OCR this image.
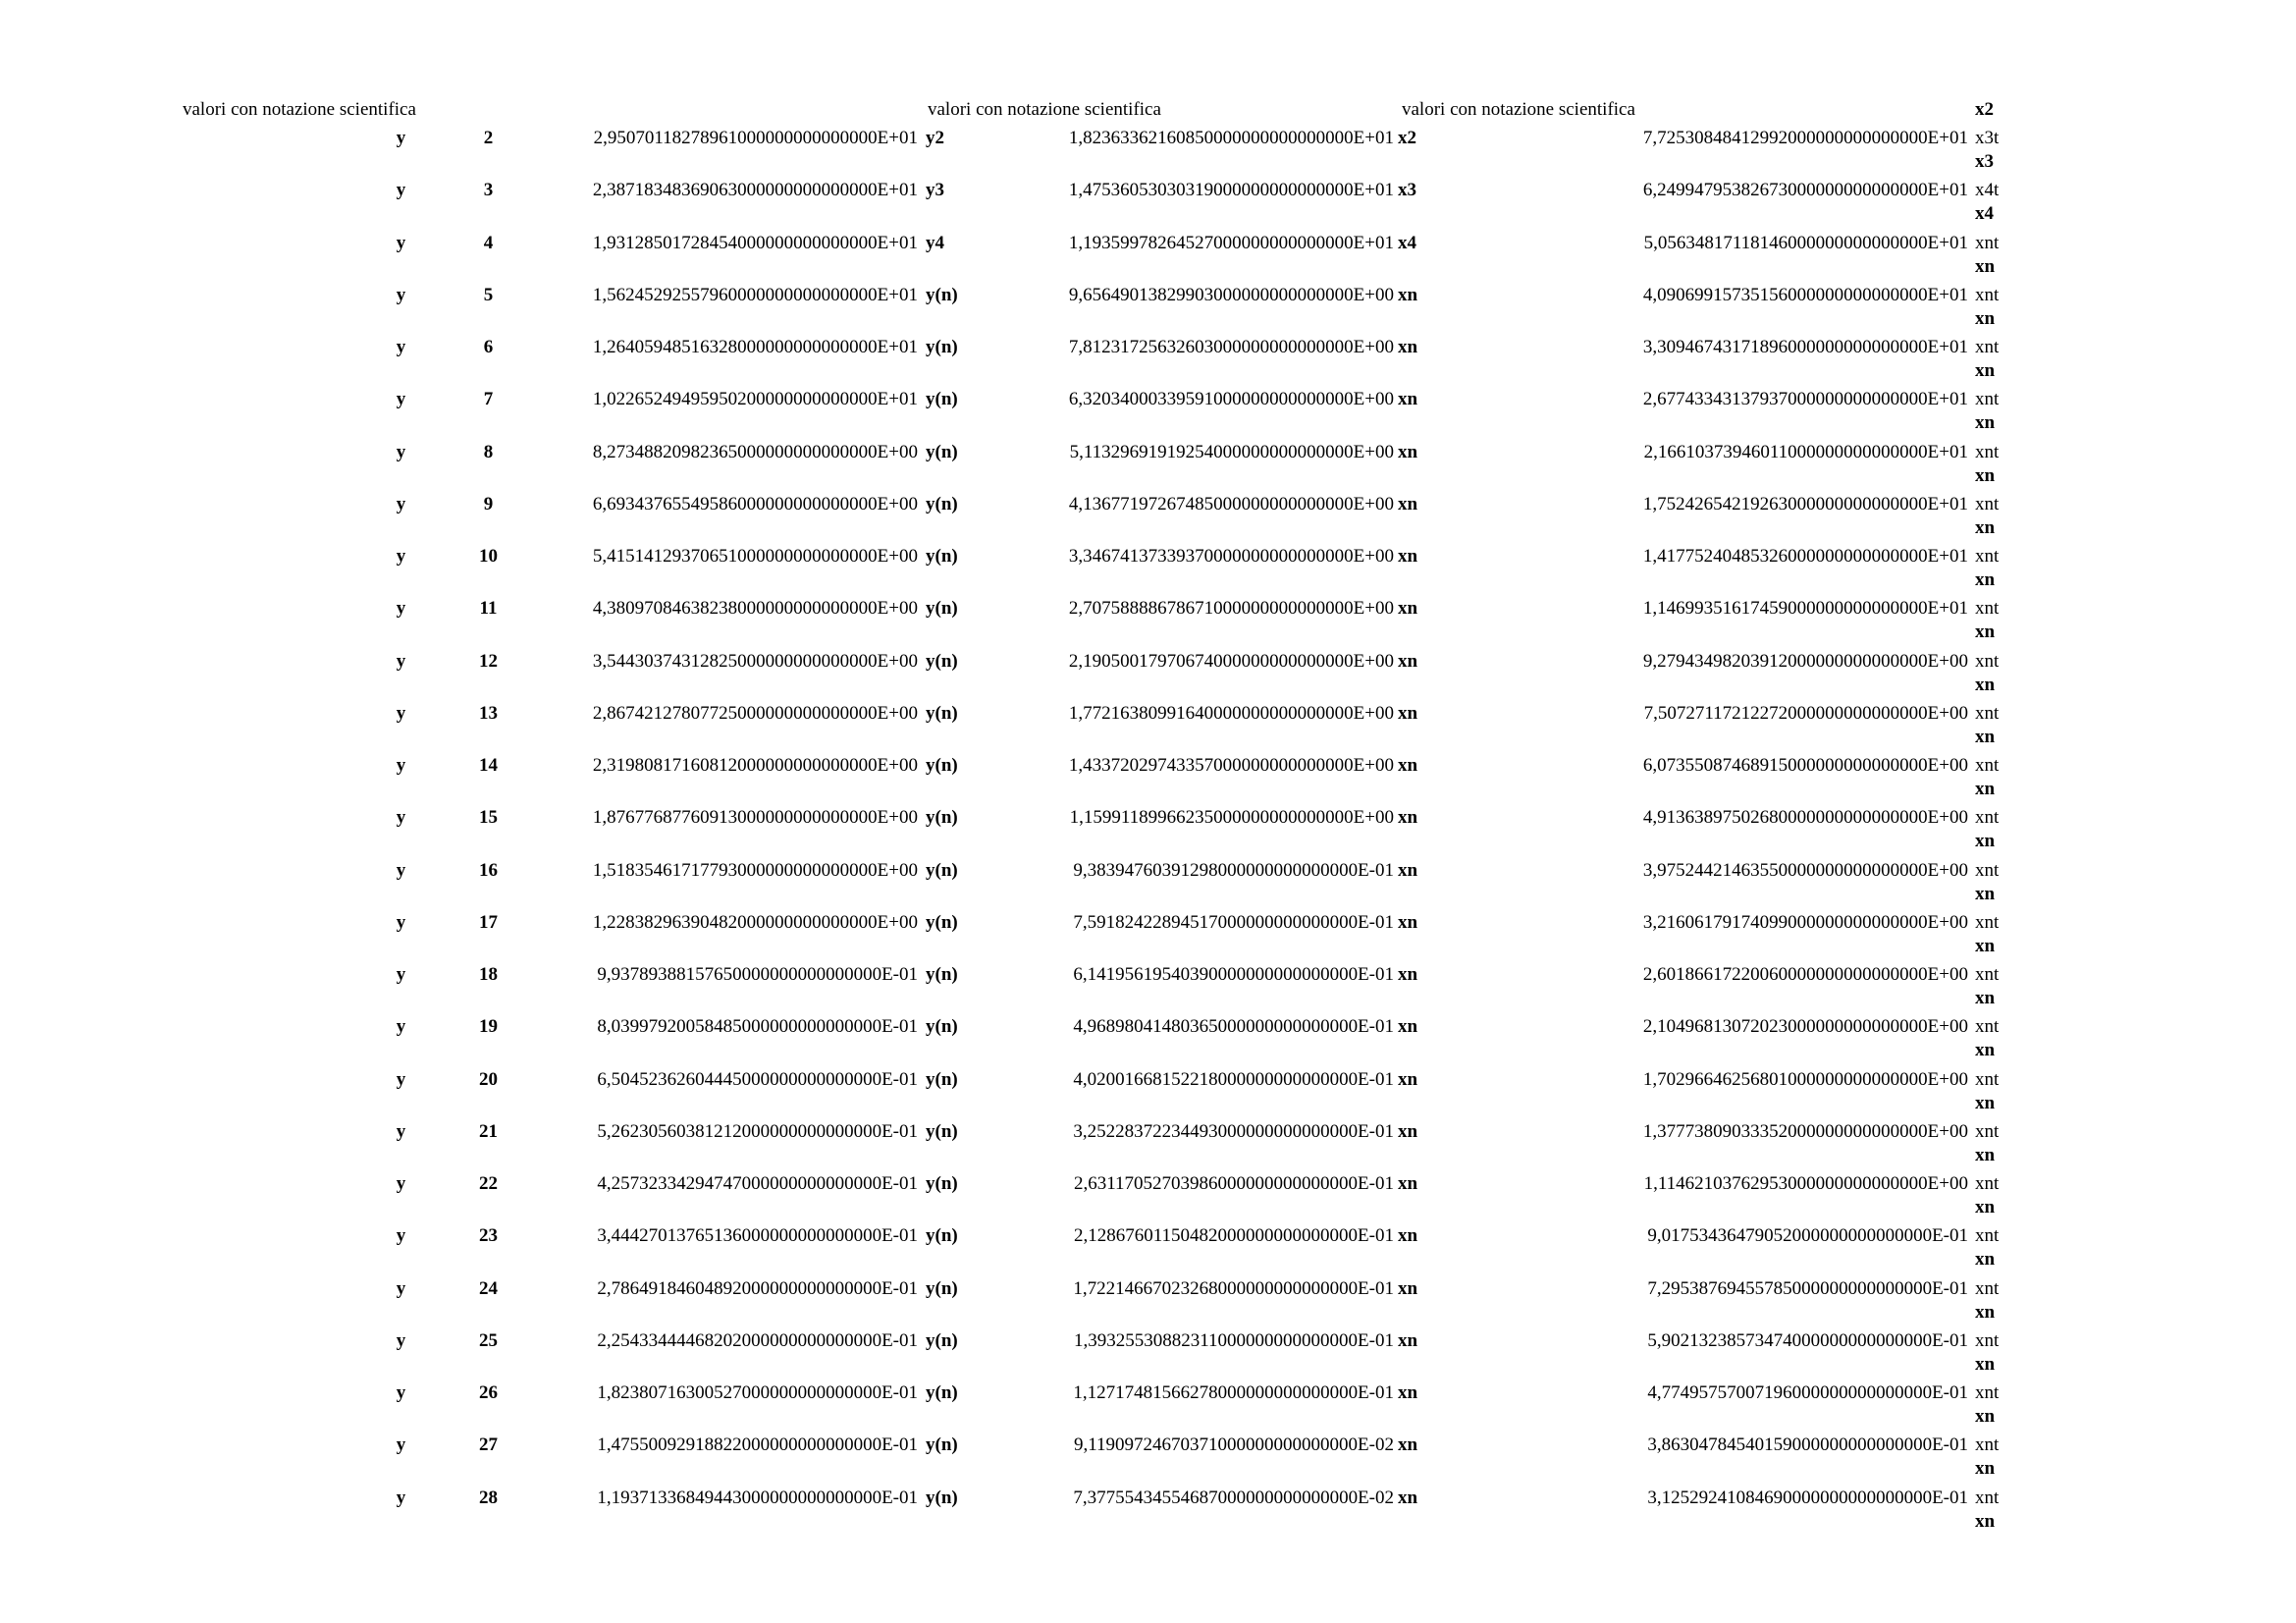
valori con notazione scientifica	valori con notazione scientifica	valori con notazione scientifica	x2
y	2	2,95070118278961000000000000000E+01 y2	1,82363362160850000000000000000E+01 x2	7,72530848412992000000000000000E+01 x3t
x3
y	3	2,38718348369063000000000000000E+01 y3	1,47536053030319000000000000000E+01 x3	6,24994795382673000000000000000E+01 x4t
x4
y	4	1,93128501728454000000000000000E+01 y4	1,19359978264527000000000000000E+01 x4	5,05634817118146000000000000000E+01 xnt
xn
y	5	1,56245292557960000000000000000E+01 y(n)	9,65649013829903000000000000000E+00 xn	4,09069915735156000000000000000E+01 xnt
xn
y	6	1,26405948516328000000000000000E+01 y(n)	7,81231725632603000000000000000E+00 xn	3,30946743171896000000000000000E+01 xnt
xn
y	7	1,02265249495950200000000000000E+01 y(n)	6,32034000339591000000000000000E+00 xn	2,67743343137937000000000000000E+01 xnt
xn
y	8	8,27348820982365000000000000000E+00 y(n)	5,11329691919254000000000000000E+00 xn	2,16610373946011000000000000000E+01 xnt
xn
y	9	6,69343765549586000000000000000E+00 y(n)	4,13677197267485000000000000000E+00 xn	1,75242654219263000000000000000E+01 xnt
xn
y	10	5,41514129370651000000000000000E+00 y(n)	3,34674137339370000000000000000E+00 xn	1,41775240485326000000000000000E+01 xnt
xn
y	11	4,38097084638238000000000000000E+00 y(n)	2,70758888678671000000000000000E+00 xn	1,14699351617459000000000000000E+01 xnt
xn
y	12	3,54430374312825000000000000000E+00 y(n)	2,19050017970674000000000000000E+00 xn	9,27943498203912000000000000000E+00 xnt
xn
y	13	2,86742127807725000000000000000E+00 y(n)	1,77216380991640000000000000000E+00 xn	7,50727117212272000000000000000E+00 xnt
xn
y	14	2,31980817160812000000000000000E+00 y(n)	1,43372029743357000000000000000E+00 xn	6,07355087468915000000000000000E+00 xnt
xn
y	15	1,87677687760913000000000000000E+00 y(n)	1,15991189966235000000000000000E+00 xn	4,91363897502680000000000000000E+00 xnt
xn
y	16	1,51835461717793000000000000000E+00 y(n)	9,38394760391298000000000000000E-01 xn	3,97524421463550000000000000000E+00 xnt
xn
y	17	1,22838296390482000000000000000E+00 y(n)	7,59182422894517000000000000000E-01 xn	3,21606179174099000000000000000E+00 xnt
xn
y	18	9,93789388157650000000000000000E-01 y(n)	6,14195619540390000000000000000E-01 xn	2,60186617220060000000000000000E+00 xnt
xn
y	19	8,03997920058485000000000000000E-01 y(n)	4,96898041480365000000000000000E-01 xn	2,10496813072023000000000000000E+00 xnt
xn
y	20	6,50452362604445000000000000000E-01 y(n)	4,02001668152218000000000000000E-01 xn	1,70296646256801000000000000000E+00 xnt
xn
y	21	5,26230560381212000000000000000E-01 y(n)	3,25228372234493000000000000000E-01 xn	1,37773809033352000000000000000E+00 xnt
xn
y	22	4,25732334294747000000000000000E-01 y(n)	2,63117052703986000000000000000E-01 xn	1,11462103762953000000000000000E+00 xnt
xn
y	23	3,44427013765136000000000000000E-01 y(n)	2,12867601150482000000000000000E-01 xn	9,01753436479052000000000000000E-01 xnt
xn
y	24	2,78649184604892000000000000000E-01 y(n)	1,72214667023268000000000000000E-01 xn	7,29538769455785000000000000000E-01 xnt
xn
y	25	2,25433444468202000000000000000E-01 y(n)	1,39325530882311000000000000000E-01 xn	5,90213238573474000000000000000E-01 xnt
xn
y	26	1,82380716300527000000000000000E-01 y(n)	1,12717481566278000000000000000E-01 xn	4,77495757007196000000000000000E-01 xnt
xn
y	27	1,47550092918822000000000000000E-01 y(n)	9,11909724670371000000000000000E-02 xn	3,86304784540159000000000000000E-01 xnt
xn
y	28	1,19371336849443000000000000000E-01 y(n)	7,37755434554687000000000000000E-02 xn	3,12529241084690000000000000000E-01 xnt
xn
